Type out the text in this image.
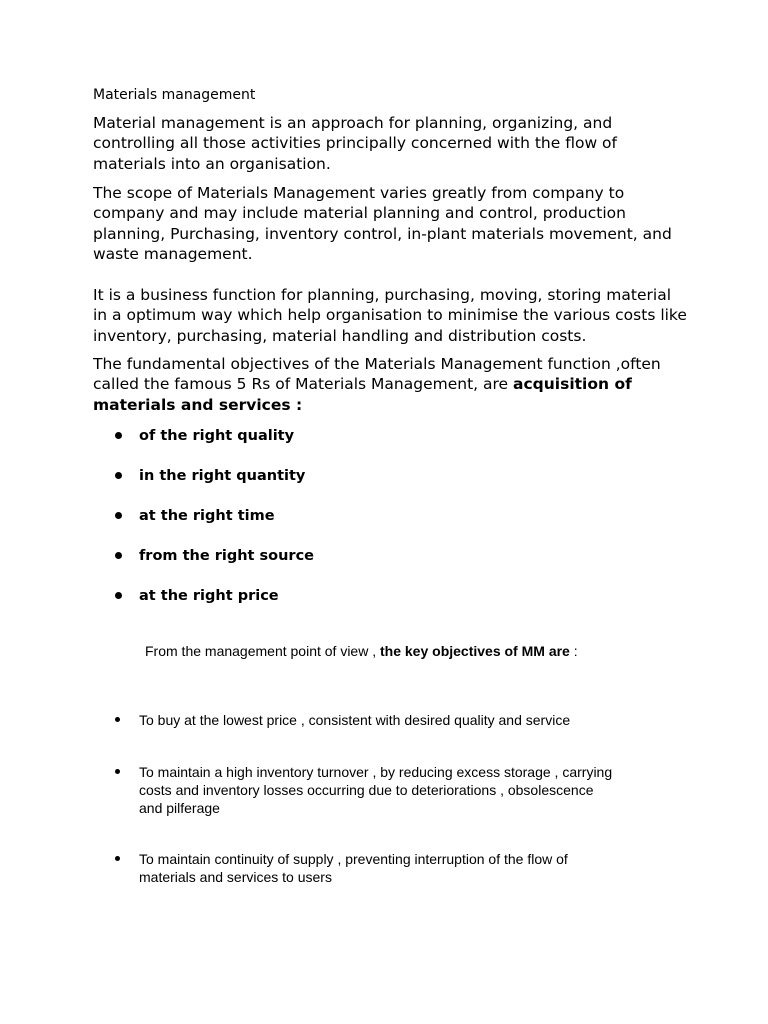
Materials management
Material management is an approach for planning, organizing, and
controlling all those activities principally concerned with the flow of
materials into an organisation.
The scope of Materials Management varies greatly from company to
company and may include material planning and control, production
planning, Purchasing, inventory control, in-plant materials movement, and
waste management.
It is a business function for planning, purchasing, moving, storing material
in a optimum way which help organisation to minimise the various costs like
inventory, purchasing, material handling and distribution costs.
The fundamental objectives of the Materials Management function ,often
called the famous 5 Rs of Materials Management, are acquisition of
materials and services :
of the right quality
in the right quantity
at the right time
from the right source
at the right price
From the management point of view , the key objectives of MM are :
To buy at the lowest price , consistent with desired quality and service
To maintain a high inventory turnover , by reducing excess storage , carrying
costs and inventory losses occurring due to deteriorations , obsolescence
and pilferage
To maintain continuity of supply , preventing interruption of the flow of
materials and services to users
